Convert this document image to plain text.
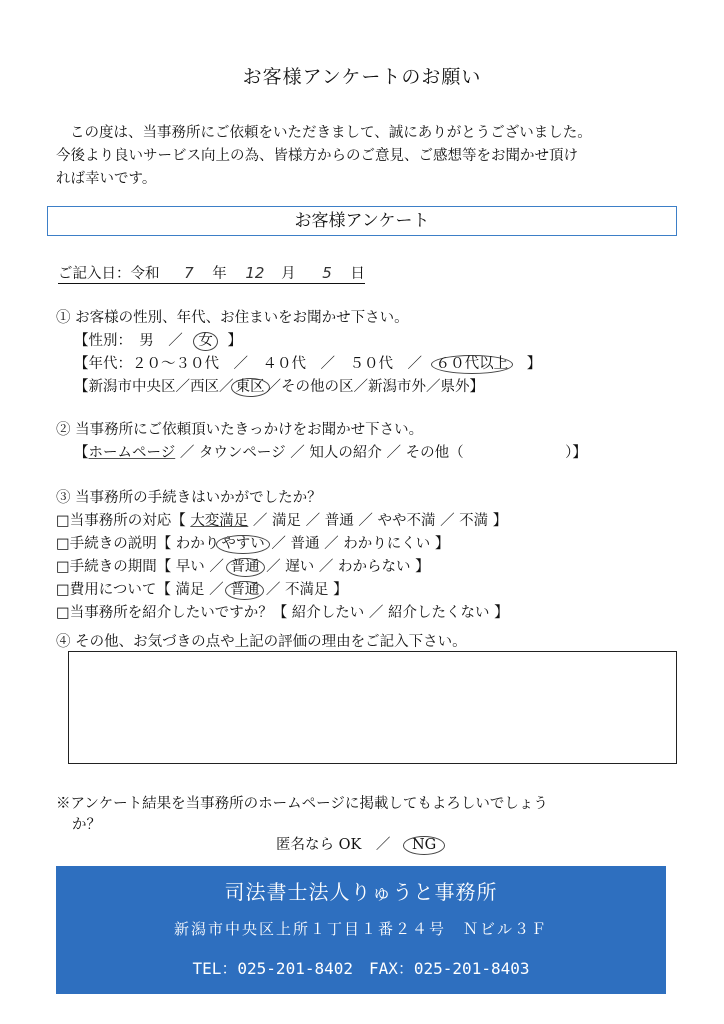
お客様アンケートのお願い

この度は、当事務所にご依頼をいただきまして、誠にありがとうございました。

今後より良いサービス向上の為、皆様方からのご意見、ご感想等をお聞かせ頂け
れば幸いです。
お客様アンケート
ご記入日：令和 7 年 12 月 5 日
① お客様の性別、年代、お住まいをお聞かせ下さい。
【性別：　男　／ 女 】
【年代：２０～３０代　／　４０代　／　５０代　／ ６０代以上 】
【新潟市中央区／西区／ 東区 ／その他の区／新潟市外／県外】
② 当事務所にご依頼頂いたきっかけをお聞かせ下さい。
【ホームページ ／ タウンページ ／ 知人の紹介 ／ その他（　　　　　　　）】
③ 当事務所の手続きはいかがでしたか？
□当事務所の対応【 大変満足 ／ 満足 ／ 普通 ／ やや不満 ／ 不満 】
□手続きの説明【 わかり やすい ／ 普通 ／ わかりにくい 】
□手続きの期間【 早い ／ 普通 ／ 遅い ／ わからない 】
□費用について【 満足 ／ 普通 ／ 不満足 】
□当事務所を紹介したいですか？【 紹介したい ／ 紹介したくない 】
④ その他、お気づきの点や上記の評価の理由をご記入下さい。
※アンケート結果を当事務所のホームページに掲載してもよろしいでしょう
か？
匿名なら OK　／ NG
司法書士法人りゅうと事務所
新潟市中央区上所１丁目１番２４号　Ｎビル３Ｆ
TEL：025-201-8402　FAX：025-201-8403
